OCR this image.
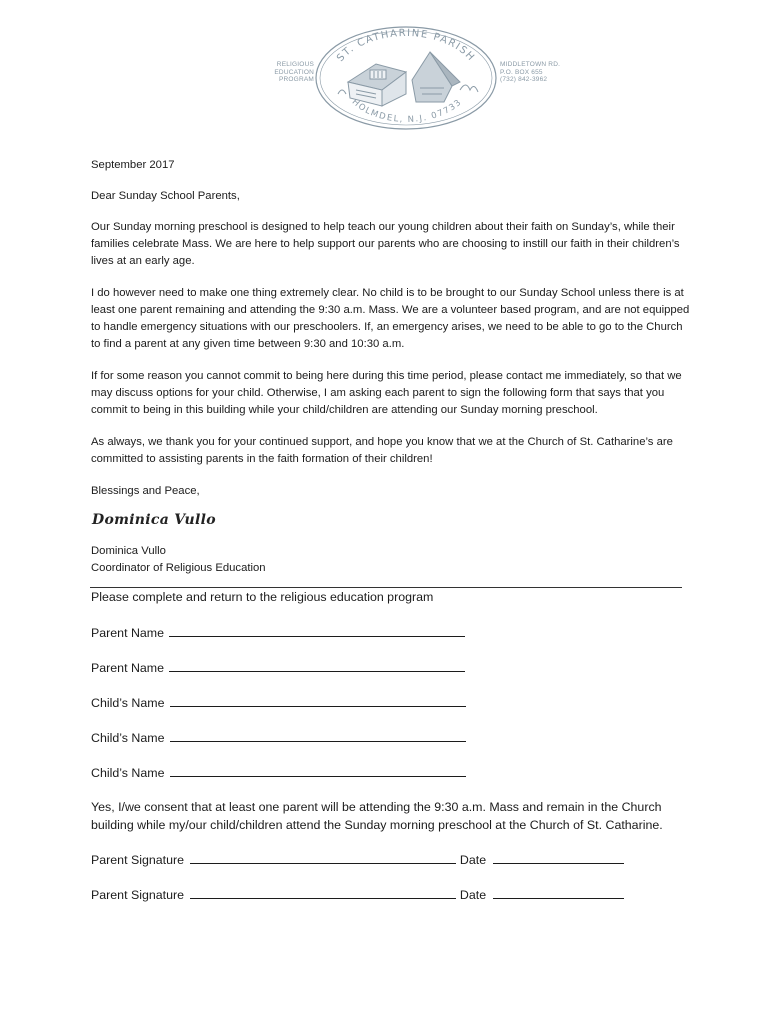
RELIGIOUS
EDUCATION
PROGRAM
ST. CATHARINE PARISH
HOLMDEL, N.J. 07733
MIDDLETOWN RD.
P.O. BOX 655
(732) 842-3962

September 2017

Dear Sunday School Parents,

Our Sunday morning preschool is designed to help teach our young children about their faith on Sunday’s, while their families celebrate Mass. We are here to help support our parents who are choosing to instill our faith in their children’s lives at an early age.

I do however need to make one thing extremely clear. No child is to be brought to our Sunday School unless there is at least one parent remaining and attending the 9:30 a.m. Mass. We are a volunteer based program, and are not equipped to handle emergency situations with our preschoolers. If, an emergency arises, we need to be able to go to the Church to find a parent at any given time between 9:30 and 10:30 a.m.

If for some reason you cannot commit to being here during this time period, please contact me immediately, so that we may discuss options for your child. Otherwise, I am asking each parent to sign the following form that says that you commit to being in this building while your child/children are attending our Sunday morning preschool.

As always, we thank you for your continued support, and hope you know that we at the Church of St. Catharine’s are committed to assisting parents in the faith formation of their children!

Blessings and Peace,

Dominica Vullo

Dominica Vullo

Coordinator of Religious Education

Please complete and return to the religious education program

Parent Name
Parent Name
Child’s Name
Child’s Name
Child’s Name

Yes, I/we consent that at least one parent will be attending the 9:30 a.m. Mass and remain in the Church building while my/our child/children attend the Sunday morning preschool at the Church of St. Catharine.

Parent Signature	Date
Parent Signature	Date
